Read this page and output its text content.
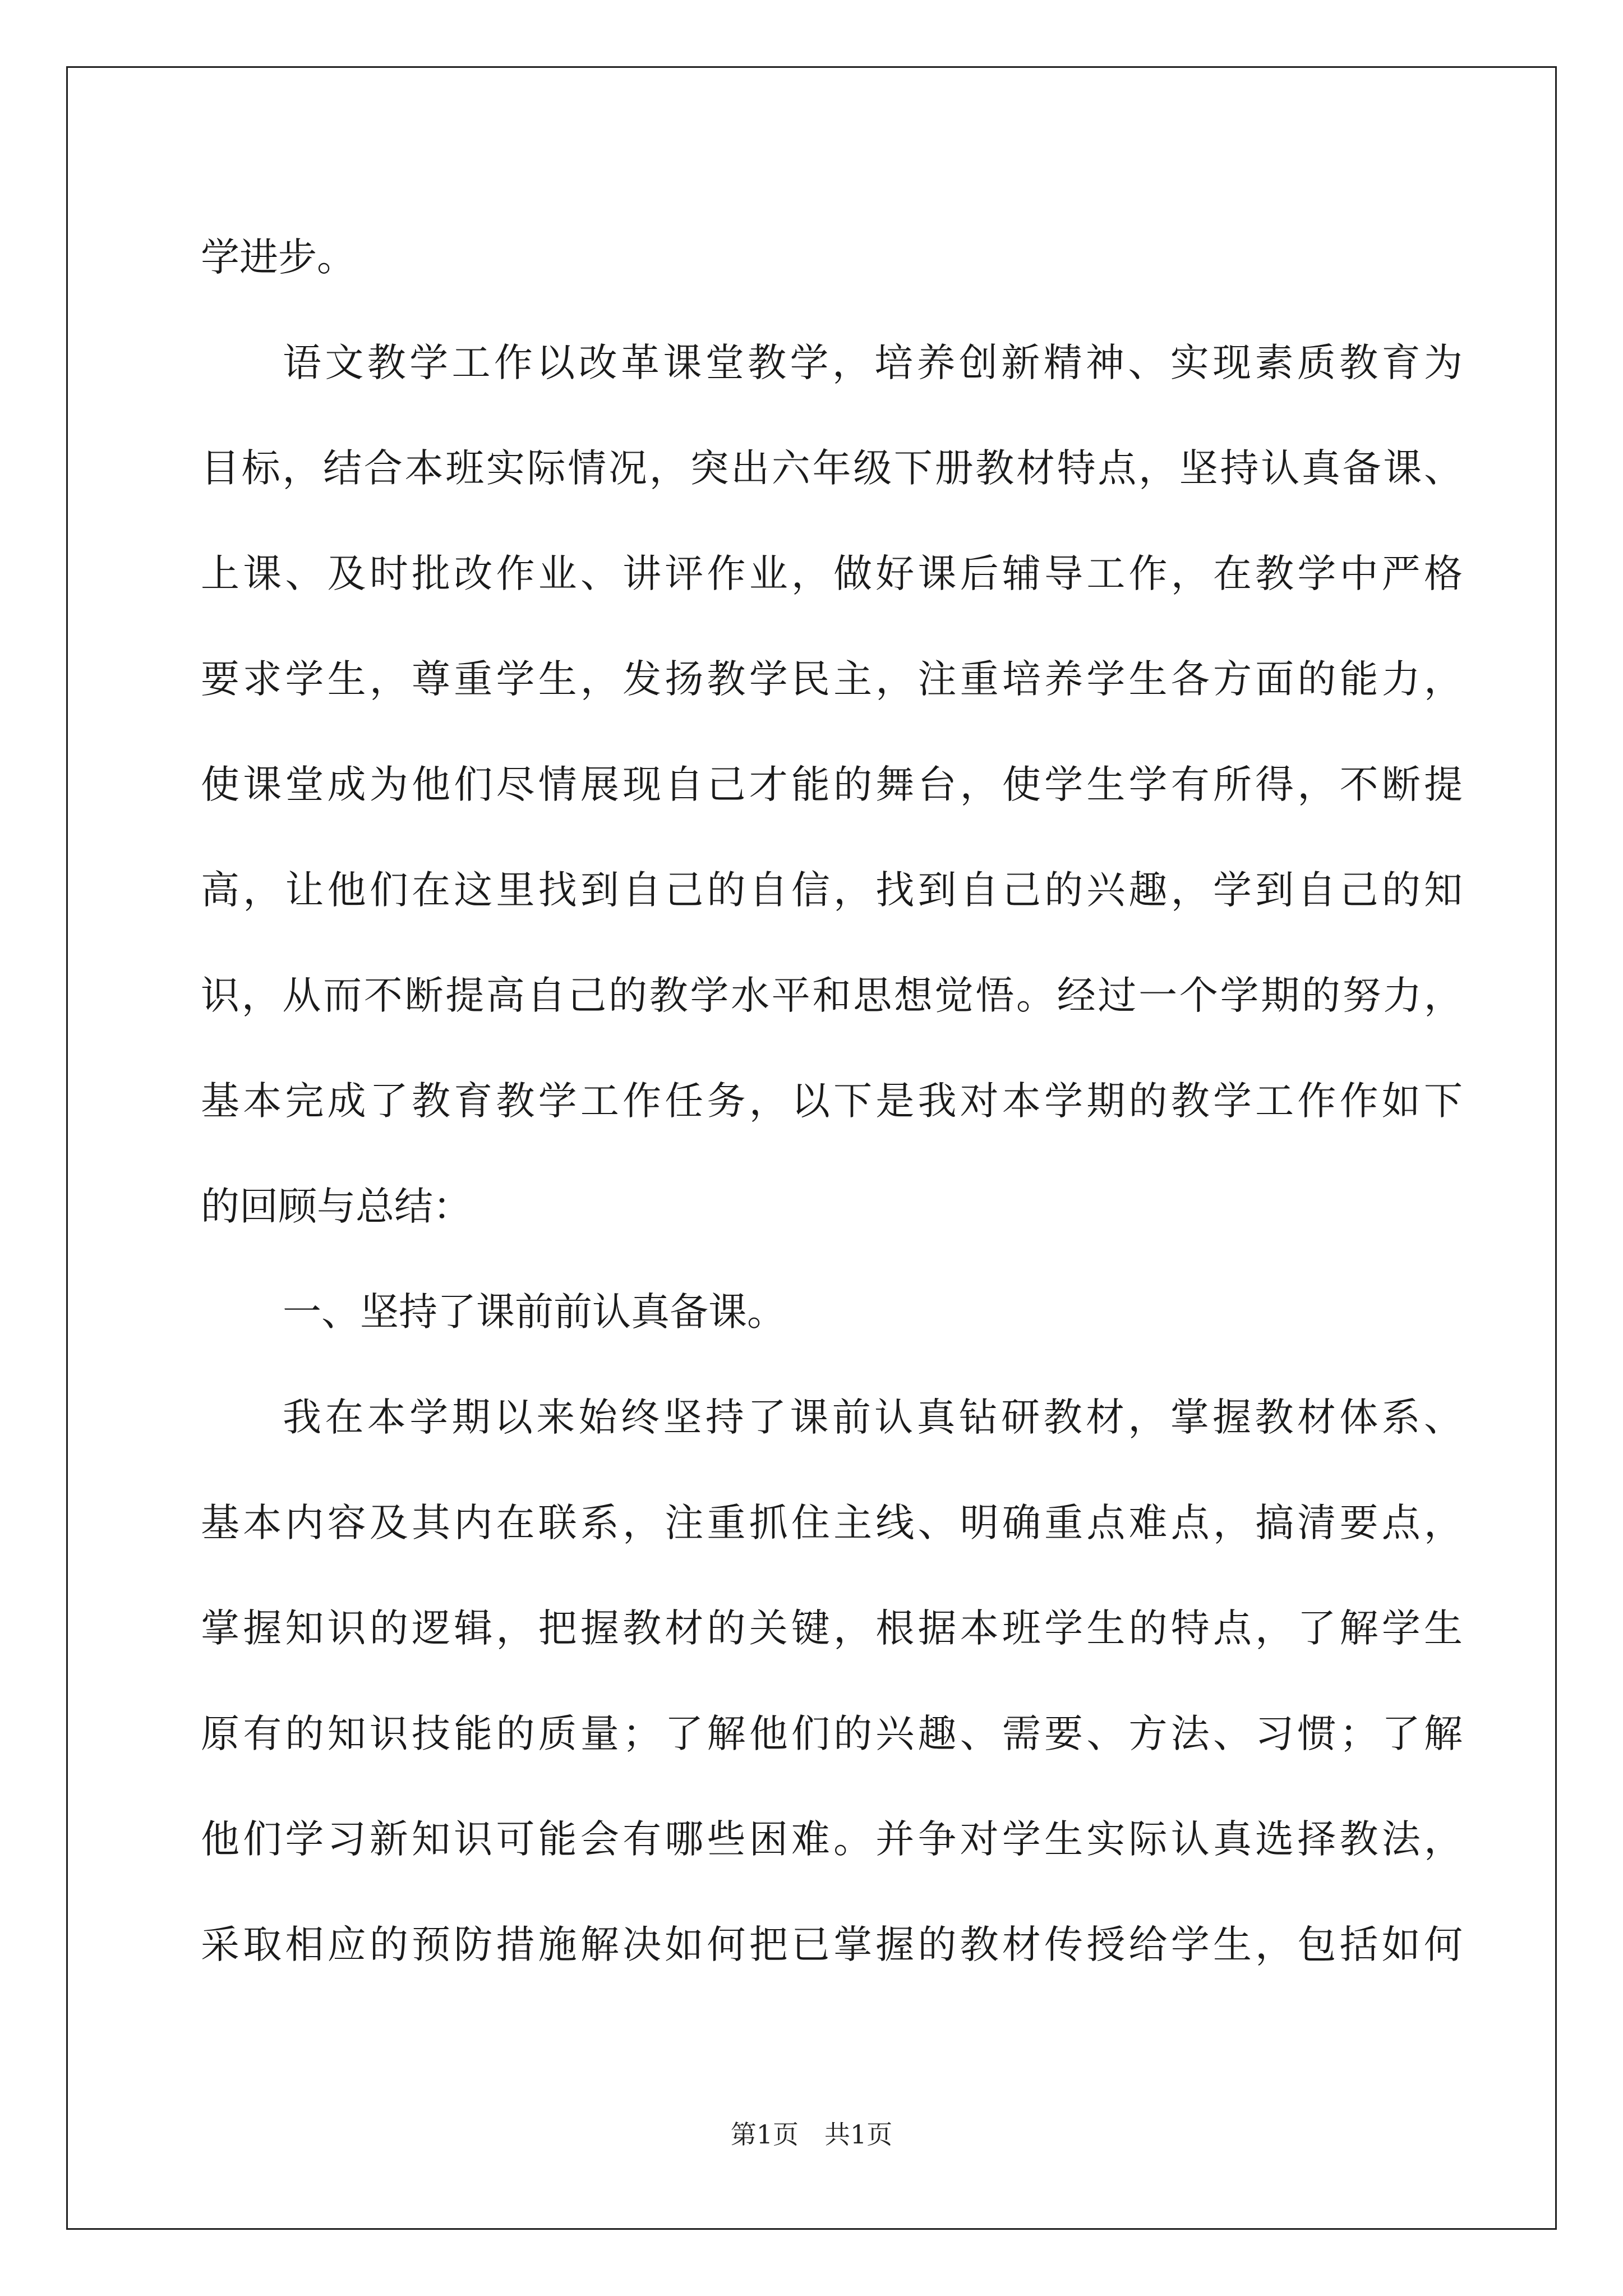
学进步。
语文教学工作以改革课堂教学，培养创新精神、实现素质教育为
目标，结合本班实际情况，突出六年级下册教材特点，坚持认真备课、
上课、及时批改作业、讲评作业，做好课后辅导工作，在教学中严格
要求学生，尊重学生，发扬教学民主，注重培养学生各方面的能力，
使课堂成为他们尽情展现自己才能的舞台，使学生学有所得，不断提
高，让他们在这里找到自己的自信，找到自己的兴趣，学到自己的知
识，从而不断提高自己的教学水平和思想觉悟。经过一个学期的努力，
基本完成了教育教学工作任务，以下是我对本学期的教学工作作如下
的回顾与总结：
一、坚持了课前前认真备课。
我在本学期以来始终坚持了课前认真钻研教材，掌握教材体系、
基本内容及其内在联系，注重抓住主线、明确重点难点，搞清要点，
掌握知识的逻辑，把握教材的关键，根据本班学生的特点，了解学生
原有的知识技能的质量；了解他们的兴趣、需要、方法、习惯；了解
他们学习新知识可能会有哪些困难。并争对学生实际认真选择教法，
采取相应的预防措施解决如何把已掌握的教材传授给学生，包括如何
第1页 共1页
